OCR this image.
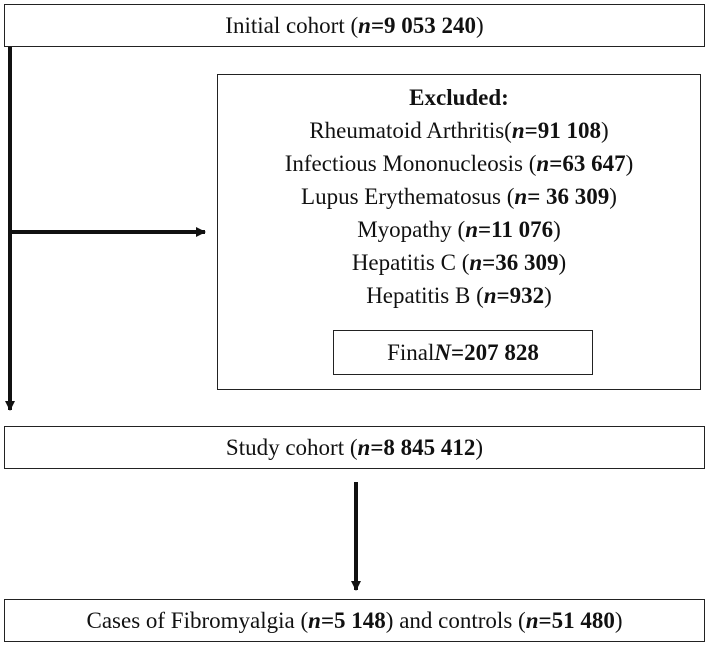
Initial cohort ( n=9 053 240 )
Excluded:
Rheumatoid Arthritis(n=91 108)
Infectious Mononucleosis (n=63 647)
Lupus Erythematosus (n= 36 309)
Myopathy (n=11 076)
Hepatitis C (n=36 309)
Hepatitis B (n=932)
Final N=207 828
Study cohort ( n=8 845 412 )
Cases of Fibromyalgia ( n=5 148 ) and controls ( n=51 480 )
